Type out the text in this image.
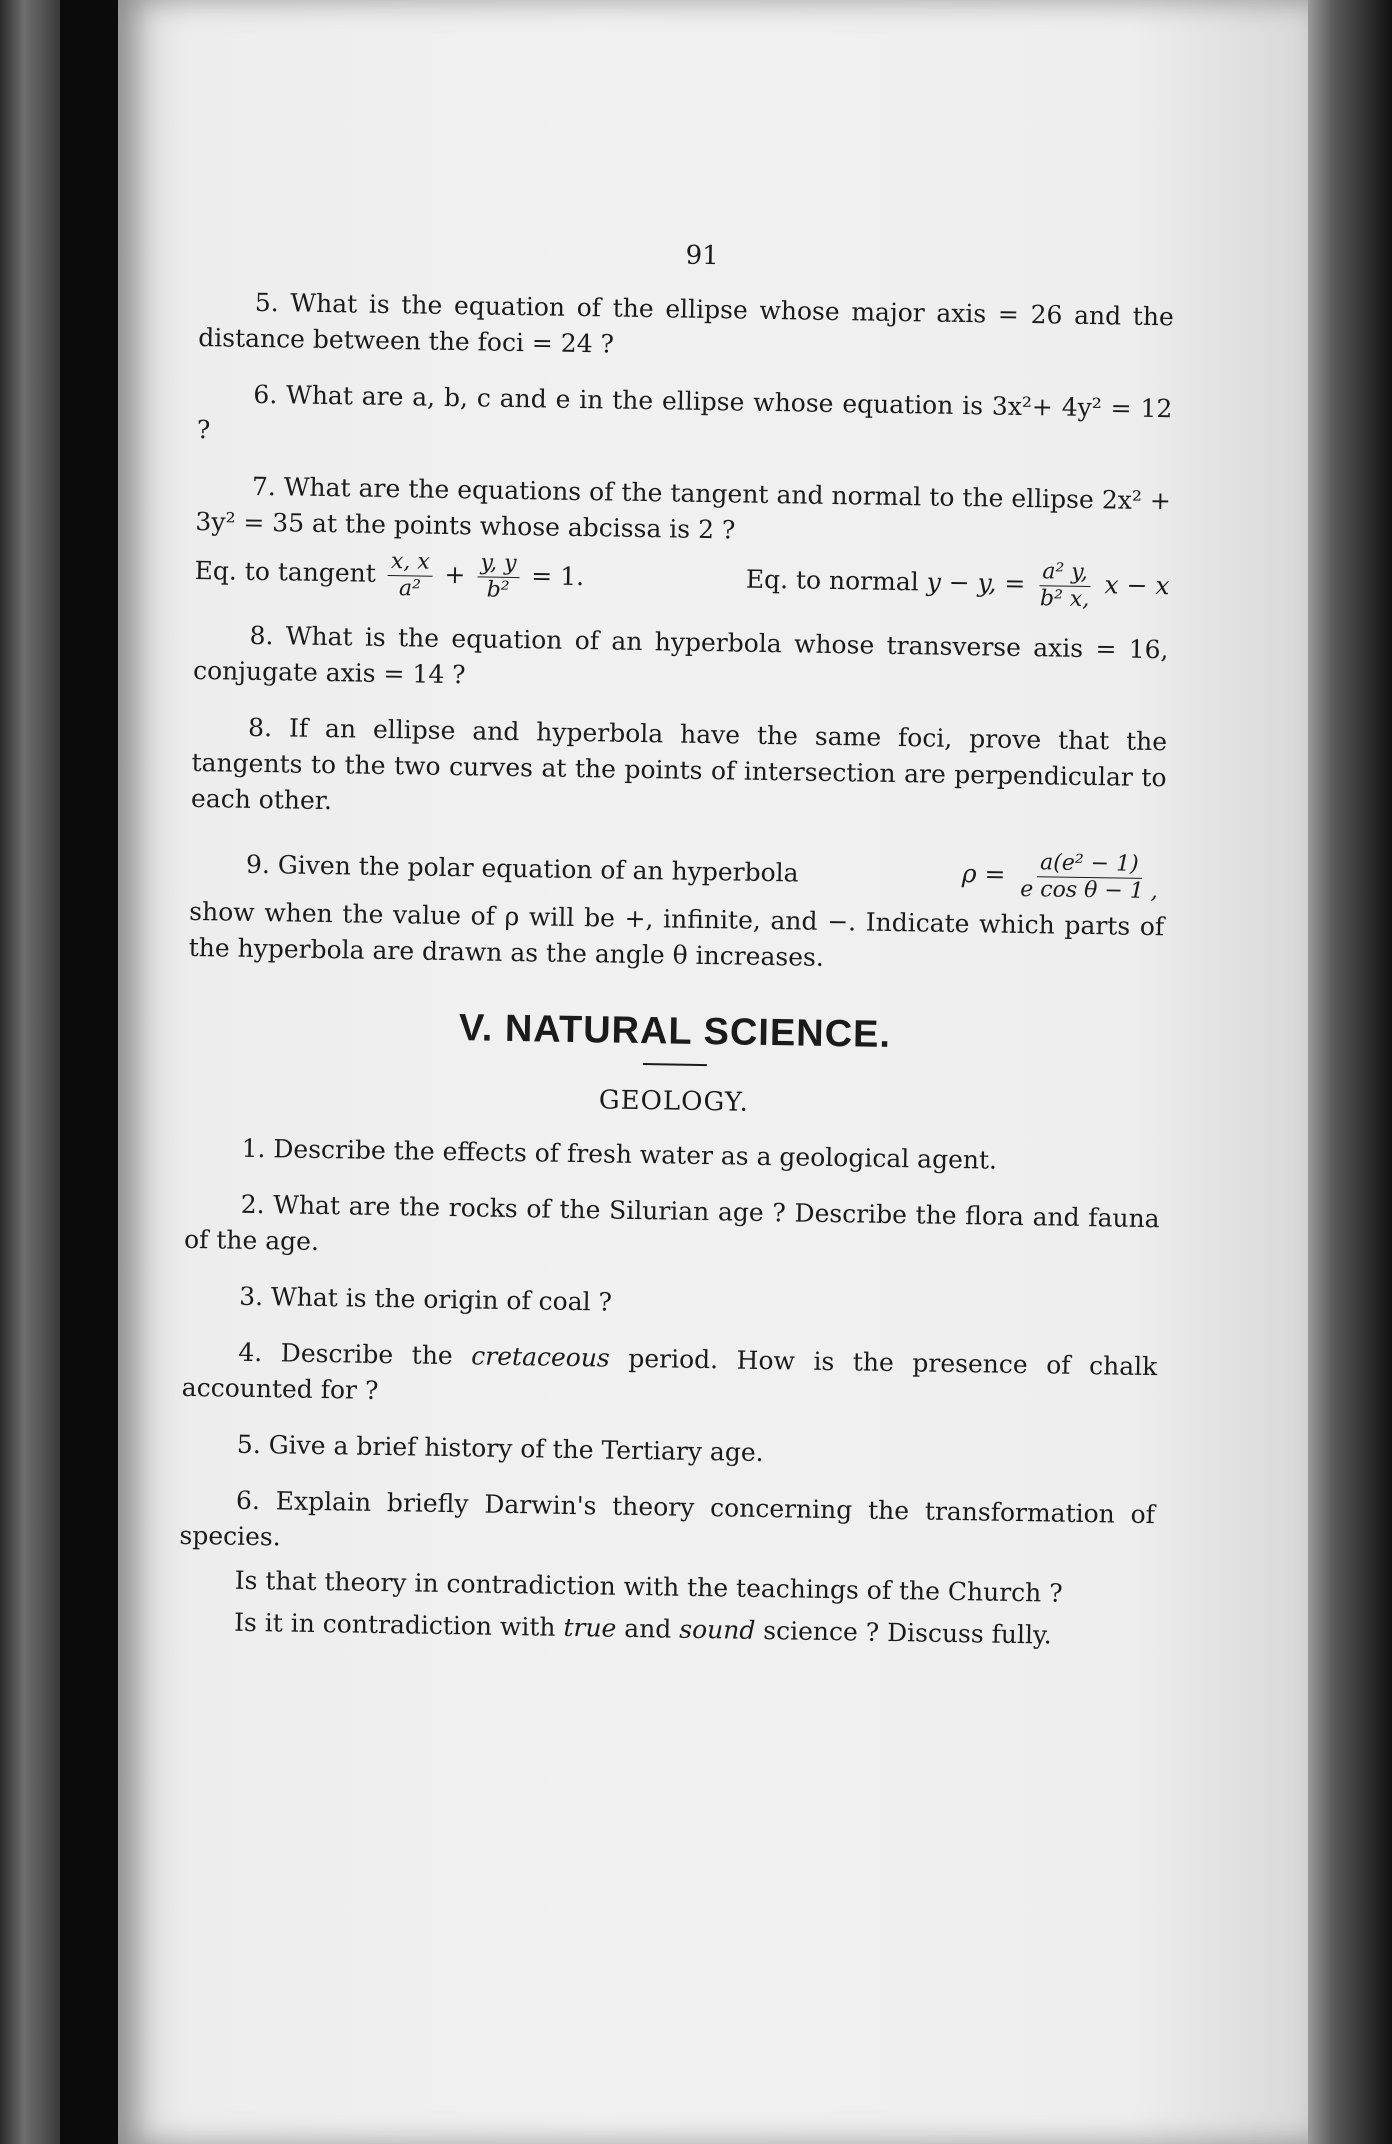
91

5. What is the equation of the ellipse whose major axis = 26 and the distance between the foci = 24 ?

6. What are a, b, c and e in the ellipse whose equation is 3x²+ 4y² = 12 ?

7. What are the equations of the tangent and normal to the ellipse 2x² + 3y² = 35 at the points whose abcissa is 2 ?

Eq. to tangent $\frac{x, x}{\text{a²}} + \frac{y, y}{\text{b²}} = 1$.	Eq. to normal y − y, = $\frac{\text{a² y,}}{\text{b² x,}}$ x − x

8. What is the equation of an hyperbola whose transverse axis = 16, conjugate axis = 14 ?

8. If an ellipse and hyperbola have the same foci, prove that the tangents to the two curves at the points of intersection are perpendicular to each other.

9. Given the polar equation of an hyperbola	$\rho = \frac{\text{a(e² − 1)}}{\text{e cos θ − 1 ,}}$

show when the value of ρ will be +, infinite, and −. Indicate which parts of the hyperbola are drawn as the angle θ increases.

V. NATURAL SCIENCE.
GEOLOGY.

1. Describe the effects of fresh water as a geological agent.

2. What are the rocks of the Silurian age ? Describe the flora and fauna of the age.

3. What is the origin of coal ?

4. Describe the cretaceous period. How is the presence of chalk accounted for ?

5. Give a brief history of the Tertiary age.

6. Explain briefly Darwin's theory concerning the transformation of species.

Is that theory in contradiction with the teachings of the Church ?

Is it in contradiction with true and sound science ? Discuss fully.
